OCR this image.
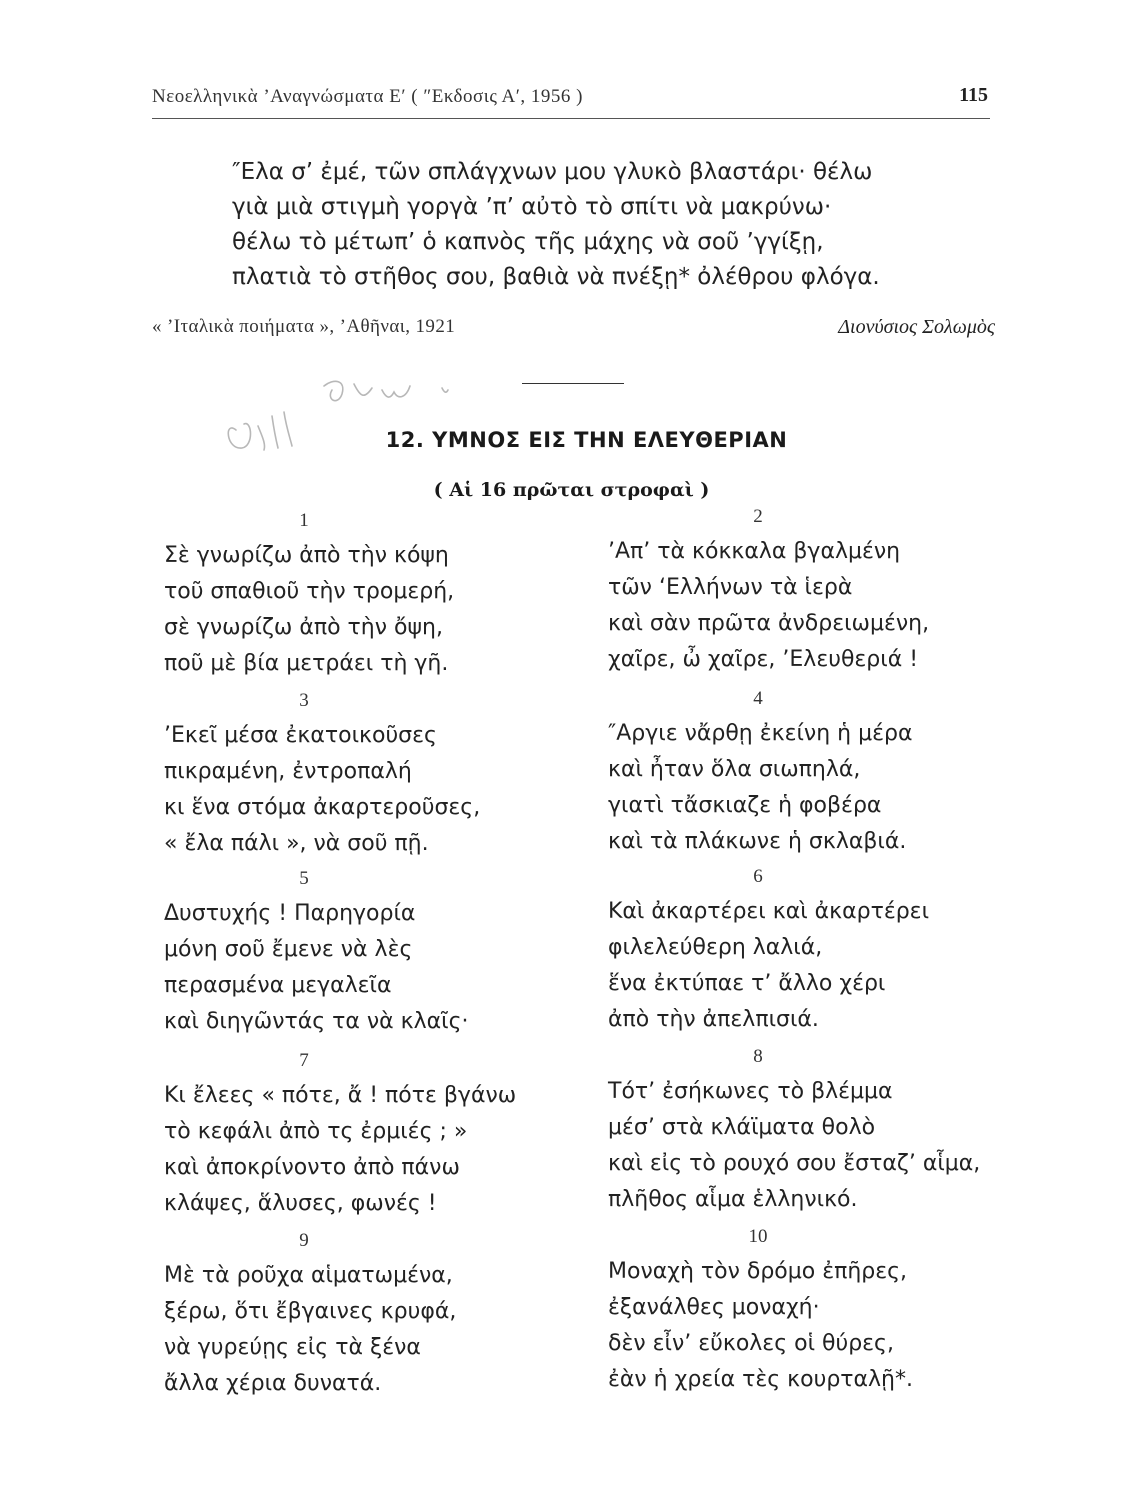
Νεοελληνικὰ ’Αναγνώσματα Ε′ ( ″Εκδοσις Α′, 1956 )	115
″Ελα σ’ ἐμέ, τῶν σπλάγχνων μου γλυκὸ βλαστάρι· θέλω
γιὰ μιὰ στιγμὴ γοργὰ ’π’ αὐτὸ τὸ σπίτι νὰ μακρύνω·
θέλω τὸ μέτωπ’ ὁ καπνὸς τῆς μάχης νὰ σοῦ ’γγίξῃ,
πλατιὰ τὸ στῆθος σου, βαθιὰ νὰ πνέξῃ* ὀλέθρου φλόγα.
« ’Ιταλικὰ ποιήματα », ’Αθῆναι, 1921	Διονύσιος Σολωμὸς
12. ΥΜΝΟΣ ΕΙΣ ΤΗΝ ΕΛΕΥΘΕΡΙΑΝ
( Αἱ 16 πρῶται στροφαὶ )
1
Σὲ γνωρίζω ἀπὸ τὴν κόψη
τοῦ σπαθιοῦ τὴν τρομερή,
σὲ γνωρίζω ἀπὸ τὴν ὄψη,
ποῦ μὲ βία μετράει τὴ γῆ.
2
’Απ’ τὰ κόκκαλα βγαλμένη
τῶν ‘Ελλήνων τὰ ἱερὰ
καὶ σὰν πρῶτα ἀνδρειωμένη,
χαῖρε, ὦ χαῖρε, ’Ελευθεριά !
3
’Εκεῖ μέσα ἐκατοικοῦσες
πικραμένη, ἐντροπαλή
κι ἕνα στόμα ἀκαρτεροῦσες,
« ἔλα πάλι », νὰ σοῦ πῇ.
4
″Αργιε νἄρθῃ ἐκείνη ἡ μέρα
καὶ ἦταν ὅλα σιωπηλά,
γιατὶ τἄσκιαζε ἡ φοβέρα
καὶ τὰ πλάκωνε ἡ σκλαβιά.
5
Δυστυχής ! Παρηγορία
μόνη σοῦ ἔμενε νὰ λὲς
περασμένα μεγαλεῖα
καὶ διηγῶντάς τα νὰ κλαῖς·
6
Καὶ ἀκαρτέρει καὶ ἀκαρτέρει
φιλελεύθερη λαλιά,
ἕνα ἐκτύπαε τ’ ἄλλο χέρι
ἀπὸ τὴν ἀπελπισιά.
7
Κι ἔλεες « πότε, ἄ ! πότε βγάνω
τὸ κεφάλι ἀπὸ τς ἐρμιές ; »
καὶ ἀποκρίνοντο ἀπὸ πάνω
κλάψες, ἅλυσες, φωνές !
8
Τότ’ ἐσήκωνες τὸ βλέμμα
μέσ’ στὰ κλάϊματα θολὸ
καὶ εἰς τὸ ρουχό σου ἔσταζ’ αἷμα,
πλῆθος αἷμα ἑλληνικό.
9
Μὲ τὰ ροῦχα αἱματωμένα,
ξέρω, ὅτι ἔβγαινες κρυφά,
νὰ γυρεύῃς εἰς τὰ ξένα
ἄλλα χέρια δυνατά.
10
Μοναχὴ τὸν δρόμο ἐπῆρες,
ἐξανάλθες μοναχή·
δὲν εἶν’ εὔκολες οἱ θύρες,
ἐὰν ἡ χρεία τὲς κουρταλῇ*.
